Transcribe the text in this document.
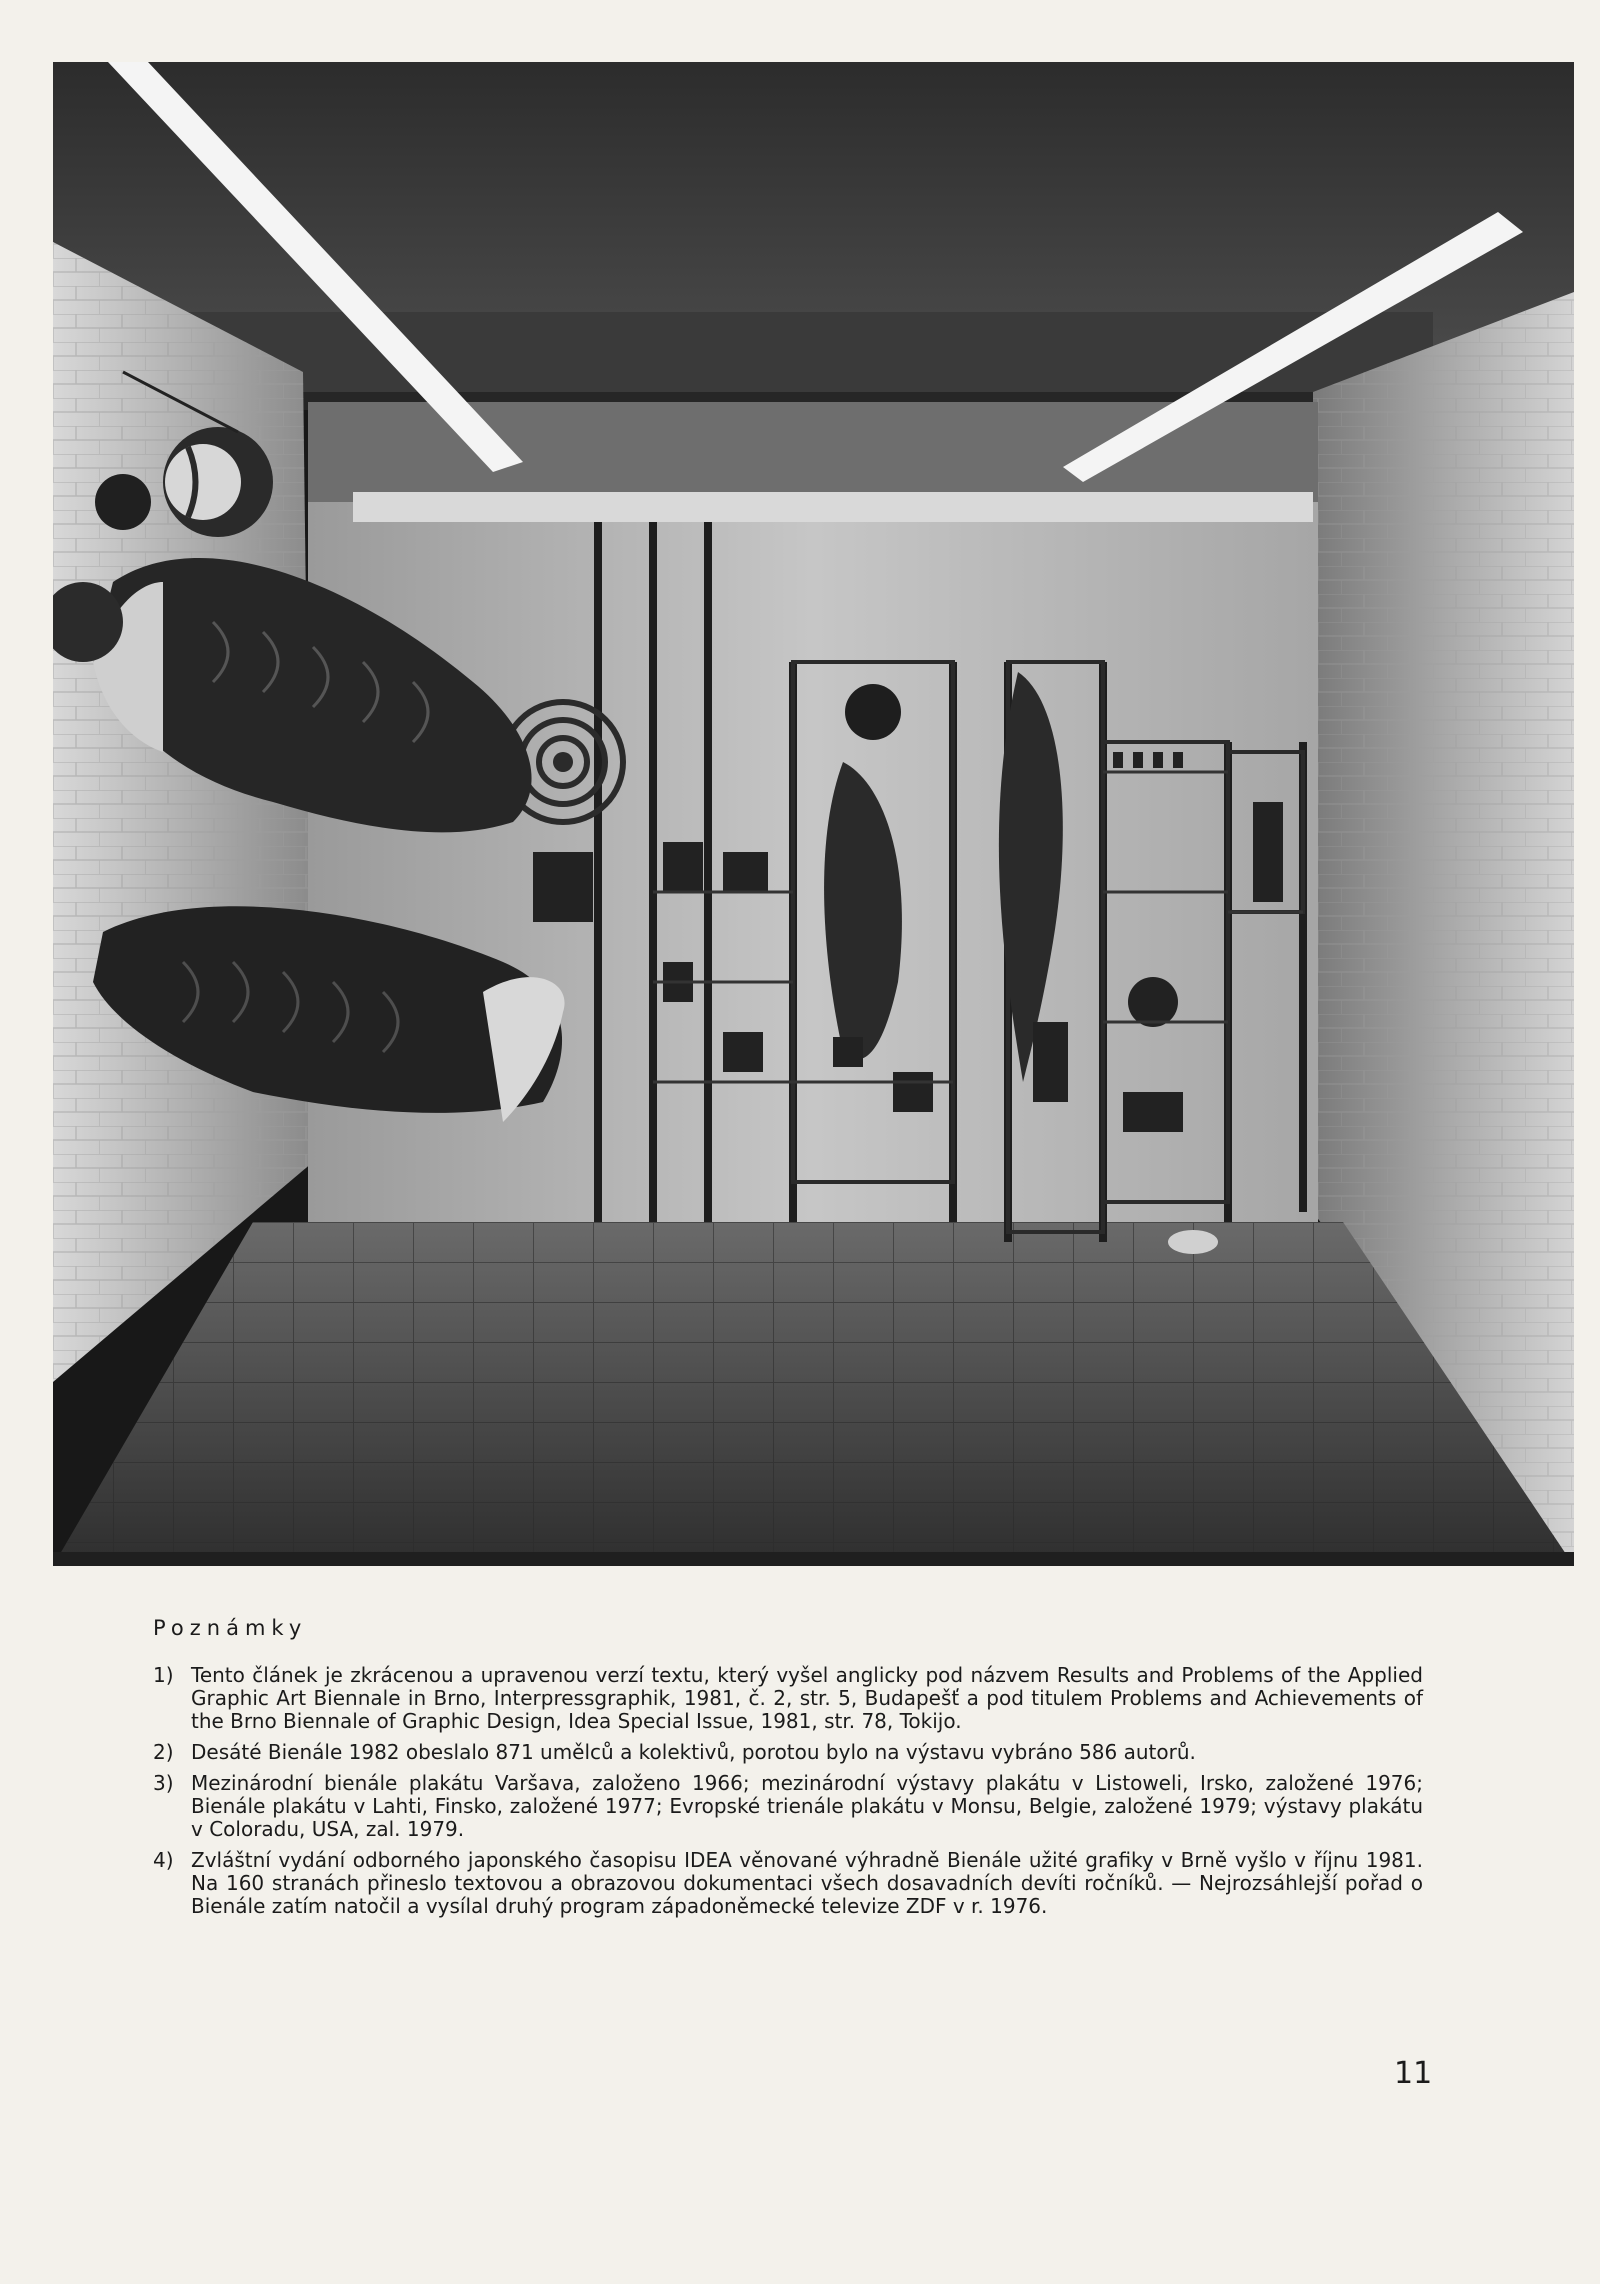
Poznámky
1) Tento článek je zkrácenou a upravenou verzí textu, který vyšel anglicky pod názvem Results and Problems of the Applied Graphic Art Biennale in Brno, Interpressgraphik, 1981, č. 2, str. 5, Budapešť a pod titulem Problems and Achievements of the Brno Biennale of Graphic Design, Idea Special Issue, 1981, str. 78, Tokijo.
2) Desáté Bienále 1982 obeslalo 871 umělců a kolektivů, porotou bylo na výstavu vybráno 586 autorů.
3) Mezinárodní bienále plakátu Varšava, založeno 1966; mezinárodní výstavy plakátu v Listoweli, Irsko, založené 1976; Bienále plakátu v Lahti, Finsko, založené 1977; Evropské trienále plakátu v Monsu, Belgie, založené 1979; výstavy plakátu v Coloradu, USA, zal. 1979.
4) Zvláštní vydání odborného japonského časopisu IDEA věnované výhradně Bienále užité grafiky v Brně vyšlo v říjnu 1981. Na 160 stranách přineslo textovou a obrazovou dokumentaci všech dosavadních devíti ročníků. — Nejrozsáhlejší pořad o Bienále zatím natočil a vysílal druhý program západoněmecké televize ZDF v r. 1976.
11
